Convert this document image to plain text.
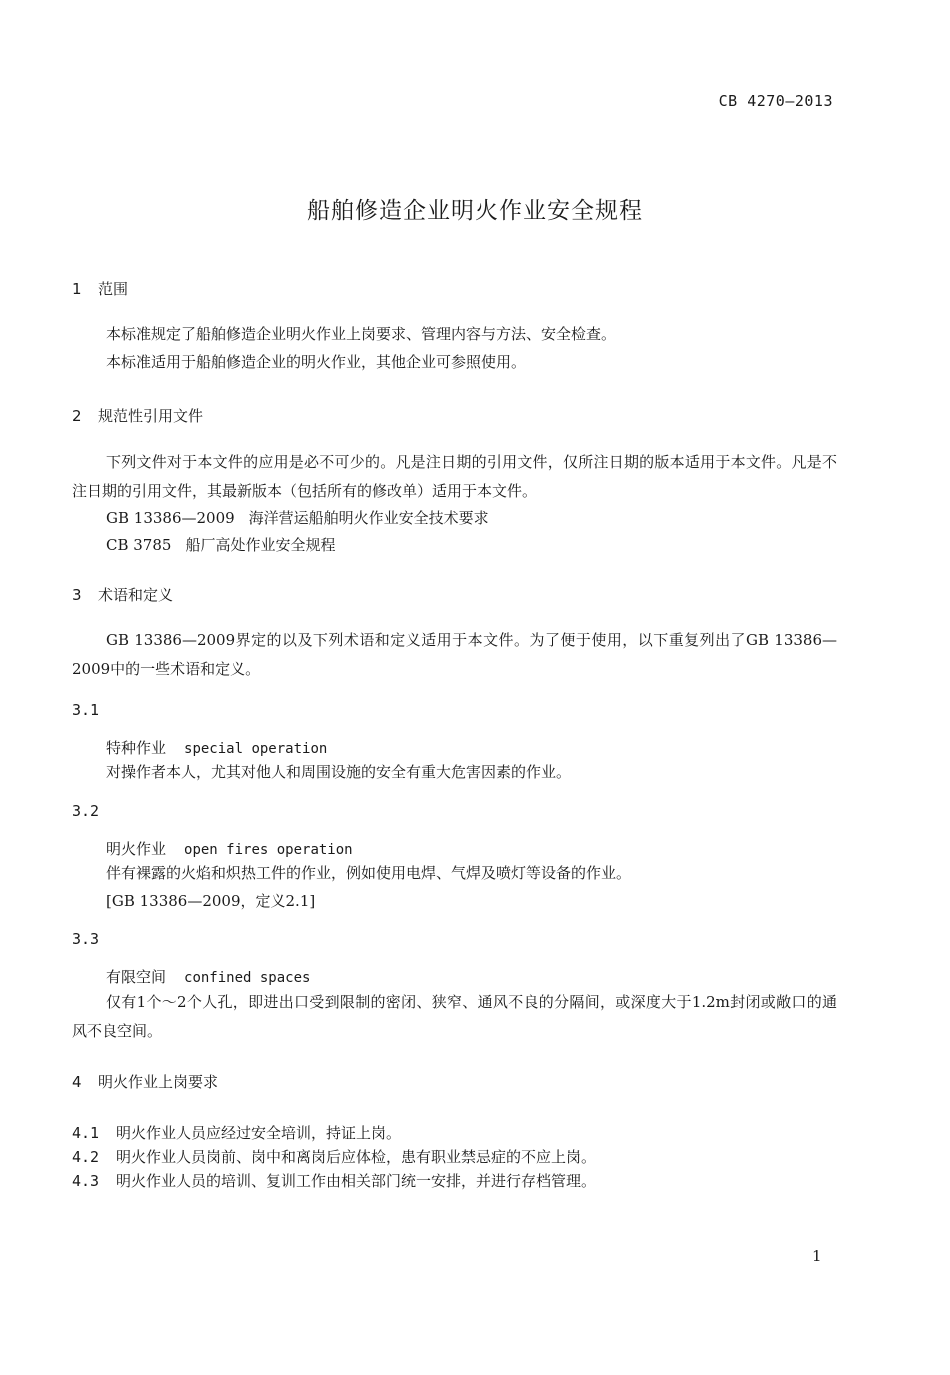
CB 4270—2013
船舶修造企业明火作业安全规程
1 范围
本标准规定了船舶修造企业明火作业上岗要求、管理内容与方法、安全检查。
本标准适用于船舶修造企业的明火作业，其他企业可参照使用。
2 规范性引用文件
下列文件对于本文件的应用是必不可少的。凡是注日期的引用文件，仅所注日期的版本适用于本文件。凡是不注日期的引用文件，其最新版本（包括所有的修改单）适用于本文件。
GB 13386—2009 海洋营运船舶明火作业安全技术要求
CB 3785 船厂高处作业安全规程
3 术语和定义
GB 13386—2009界定的以及下列术语和定义适用于本文件。为了便于使用，以下重复列出了GB 13386—2009中的一些术语和定义。
3.1
特种作业 special operation
对操作者本人，尤其对他人和周围设施的安全有重大危害因素的作业。
3.2
明火作业 open fires operation
伴有裸露的火焰和炽热工件的作业，例如使用电焊、气焊及喷灯等设备的作业。
[GB 13386—2009，定义2.1]
3.3
有限空间 confined spaces
仅有1个～2个人孔，即进出口受到限制的密闭、狭窄、通风不良的分隔间，或深度大于1.2m封闭或敞口的通风不良空间。
4 明火作业上岗要求
4.1 明火作业人员应经过安全培训，持证上岗。
4.2 明火作业人员岗前、岗中和离岗后应体检，患有职业禁忌症的不应上岗。
4.3 明火作业人员的培训、复训工作由相关部门统一安排，并进行存档管理。
1
